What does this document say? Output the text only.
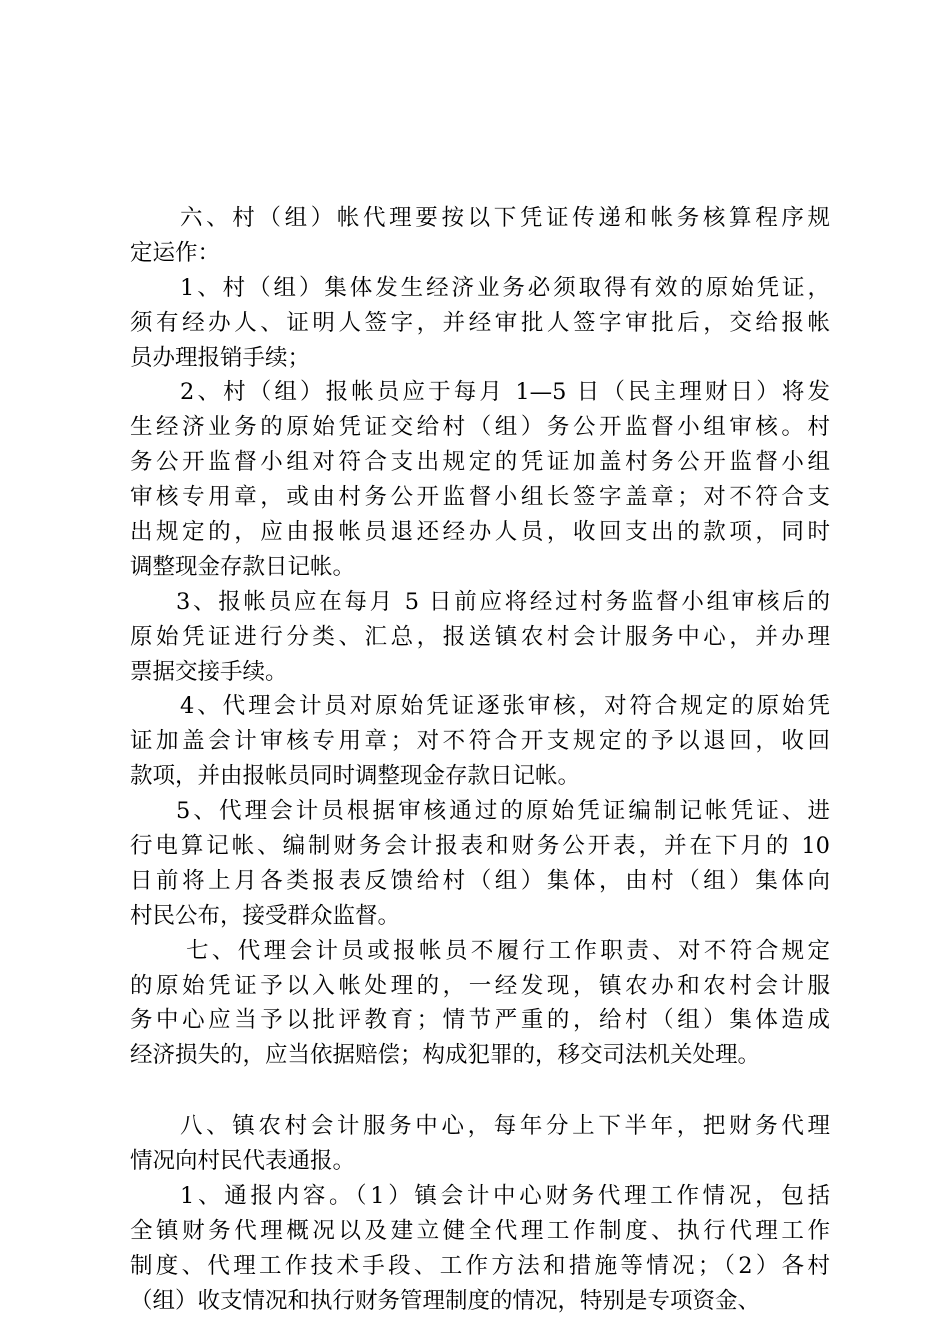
六、村（组）帐代理要按以下凭证传递和帐务核算程序规
定运作：
1、村（组）集体发生经济业务必须取得有效的原始凭证，
须有经办人、证明人签字，并经审批人签字审批后，交给报帐
员办理报销手续；
2、村（组）报帐员应于每月 1—5 日（民主理财日）将发
生经济业务的原始凭证交给村（组）务公开监督小组审核。村
务公开监督小组对符合支出规定的凭证加盖村务公开监督小组
审核专用章，或由村务公开监督小组长签字盖章；对不符合支
出规定的，应由报帐员退还经办人员，收回支出的款项，同时
调整现金存款日记帐。
3、报帐员应在每月 5 日前应将经过村务监督小组审核后的
原始凭证进行分类、汇总，报送镇农村会计服务中心，并办理
票据交接手续。
4、代理会计员对原始凭证逐张审核，对符合规定的原始凭
证加盖会计审核专用章；对不符合开支规定的予以退回，收回
款项，并由报帐员同时调整现金存款日记帐。
5、代理会计员根据审核通过的原始凭证编制记帐凭证、进
行电算记帐、编制财务会计报表和财务公开表，并在下月的 10
日前将上月各类报表反馈给村（组）集体，由村（组）集体向
村民公布，接受群众监督。
七、代理会计员或报帐员不履行工作职责、对不符合规定
的原始凭证予以入帐处理的，一经发现，镇农办和农村会计服
务中心应当予以批评教育；情节严重的，给村（组）集体造成
经济损失的，应当依据赔偿；构成犯罪的，移交司法机关处理。
八、镇农村会计服务中心，每年分上下半年，把财务代理
情况向村民代表通报。
1、通报内容。（1）镇会计中心财务代理工作情况，包括
全镇财务代理概况以及建立健全代理工作制度、执行代理工作
制度、代理工作技术手段、工作方法和措施等情况；（2）各村
（组）收支情况和执行财务管理制度的情况，特别是专项资金、
